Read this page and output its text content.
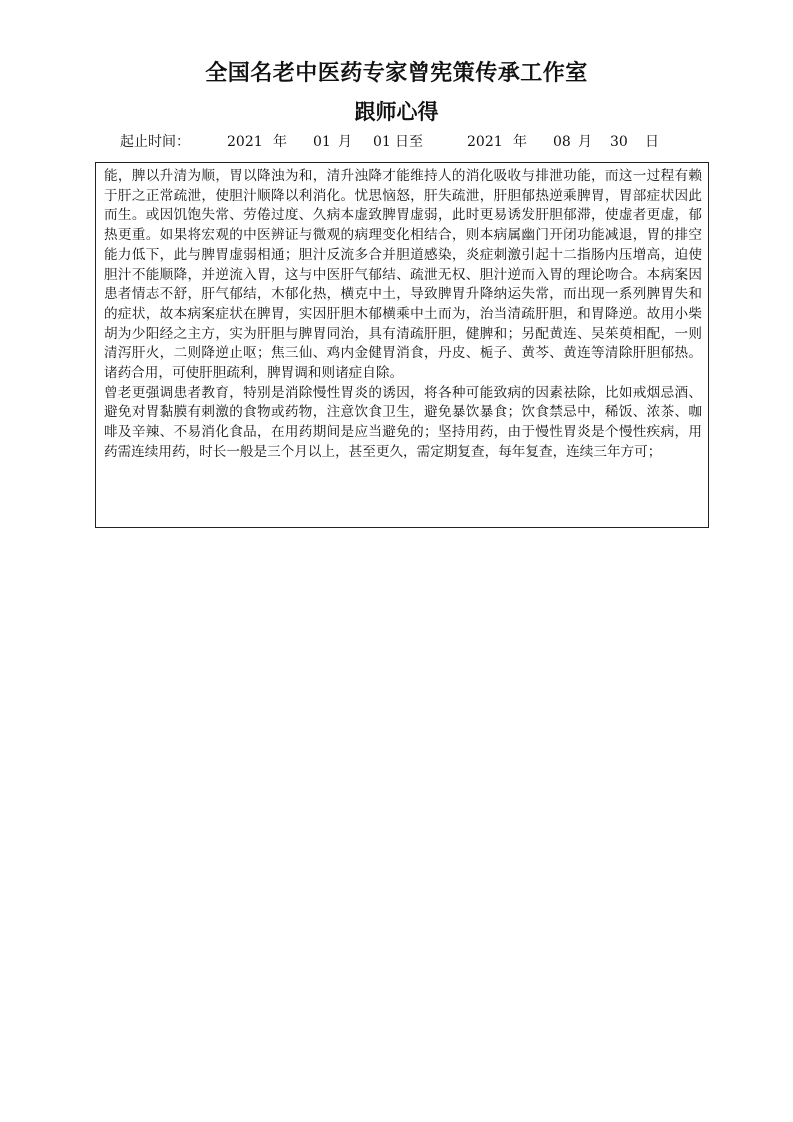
全国名老中医药专家曾宪策传承工作室
跟师心得
起止时间：	2021 年 01 月 01 日至	2021 年 08 月 30 日

能，脾以升清为顺，胃以降浊为和，清升浊降才能维持人的消化吸收与排泄功能，而这一过程有赖于肝之正常疏泄，使胆汁顺降以利消化。忧思恼怒，肝失疏泄，肝胆郁热逆乘脾胃，胃部症状因此而生。或因饥饱失常、劳倦过度、久病本虚致脾胃虚弱，此时更易诱发肝胆郁滞，使虚者更虚，郁热更重。如果将宏观的中医辨证与微观的病理变化相结合，则本病属幽门开闭功能减退，胃的排空能力低下，此与脾胃虚弱相通；胆汁反流多合并胆道感染，炎症刺激引起十二指肠内压增高，迫使胆汁不能顺降，并逆流入胃，这与中医肝气郁结、疏泄无权、胆汁逆而入胃的理论吻合。本病案因患者情志不舒，肝气郁结，木郁化热，横克中土，导致脾胃升降纳运失常，而出现一系列脾胃失和的症状，故本病案症状在脾胃，实因肝胆木郁横乘中土而为，治当清疏肝胆，和胃降逆。故用小柴胡为少阳经之主方，实为肝胆与脾胃同治，具有清疏肝胆，健脾和；另配黄连、吴茱萸相配，一则清泻肝火，二则降逆止呕；焦三仙、鸡内金健胃消食，丹皮、栀子、黄芩、黄连等清除肝胆郁热。诸药合用，可使肝胆疏利，脾胃调和则诸症自除。

曾老更强调患者教育，特别是消除慢性胃炎的诱因，将各种可能致病的因素祛除，比如戒烟忌酒、避免对胃黏膜有刺激的食物或药物，注意饮食卫生，避免暴饮暴食；饮食禁忌中，稀饭、浓茶、咖啡及辛辣、不易消化食品，在用药期间是应当避免的；坚持用药，由于慢性胃炎是个慢性疾病，用药需连续用药，时长一般是三个月以上，甚至更久，需定期复查，每年复查，连续三年方可；
